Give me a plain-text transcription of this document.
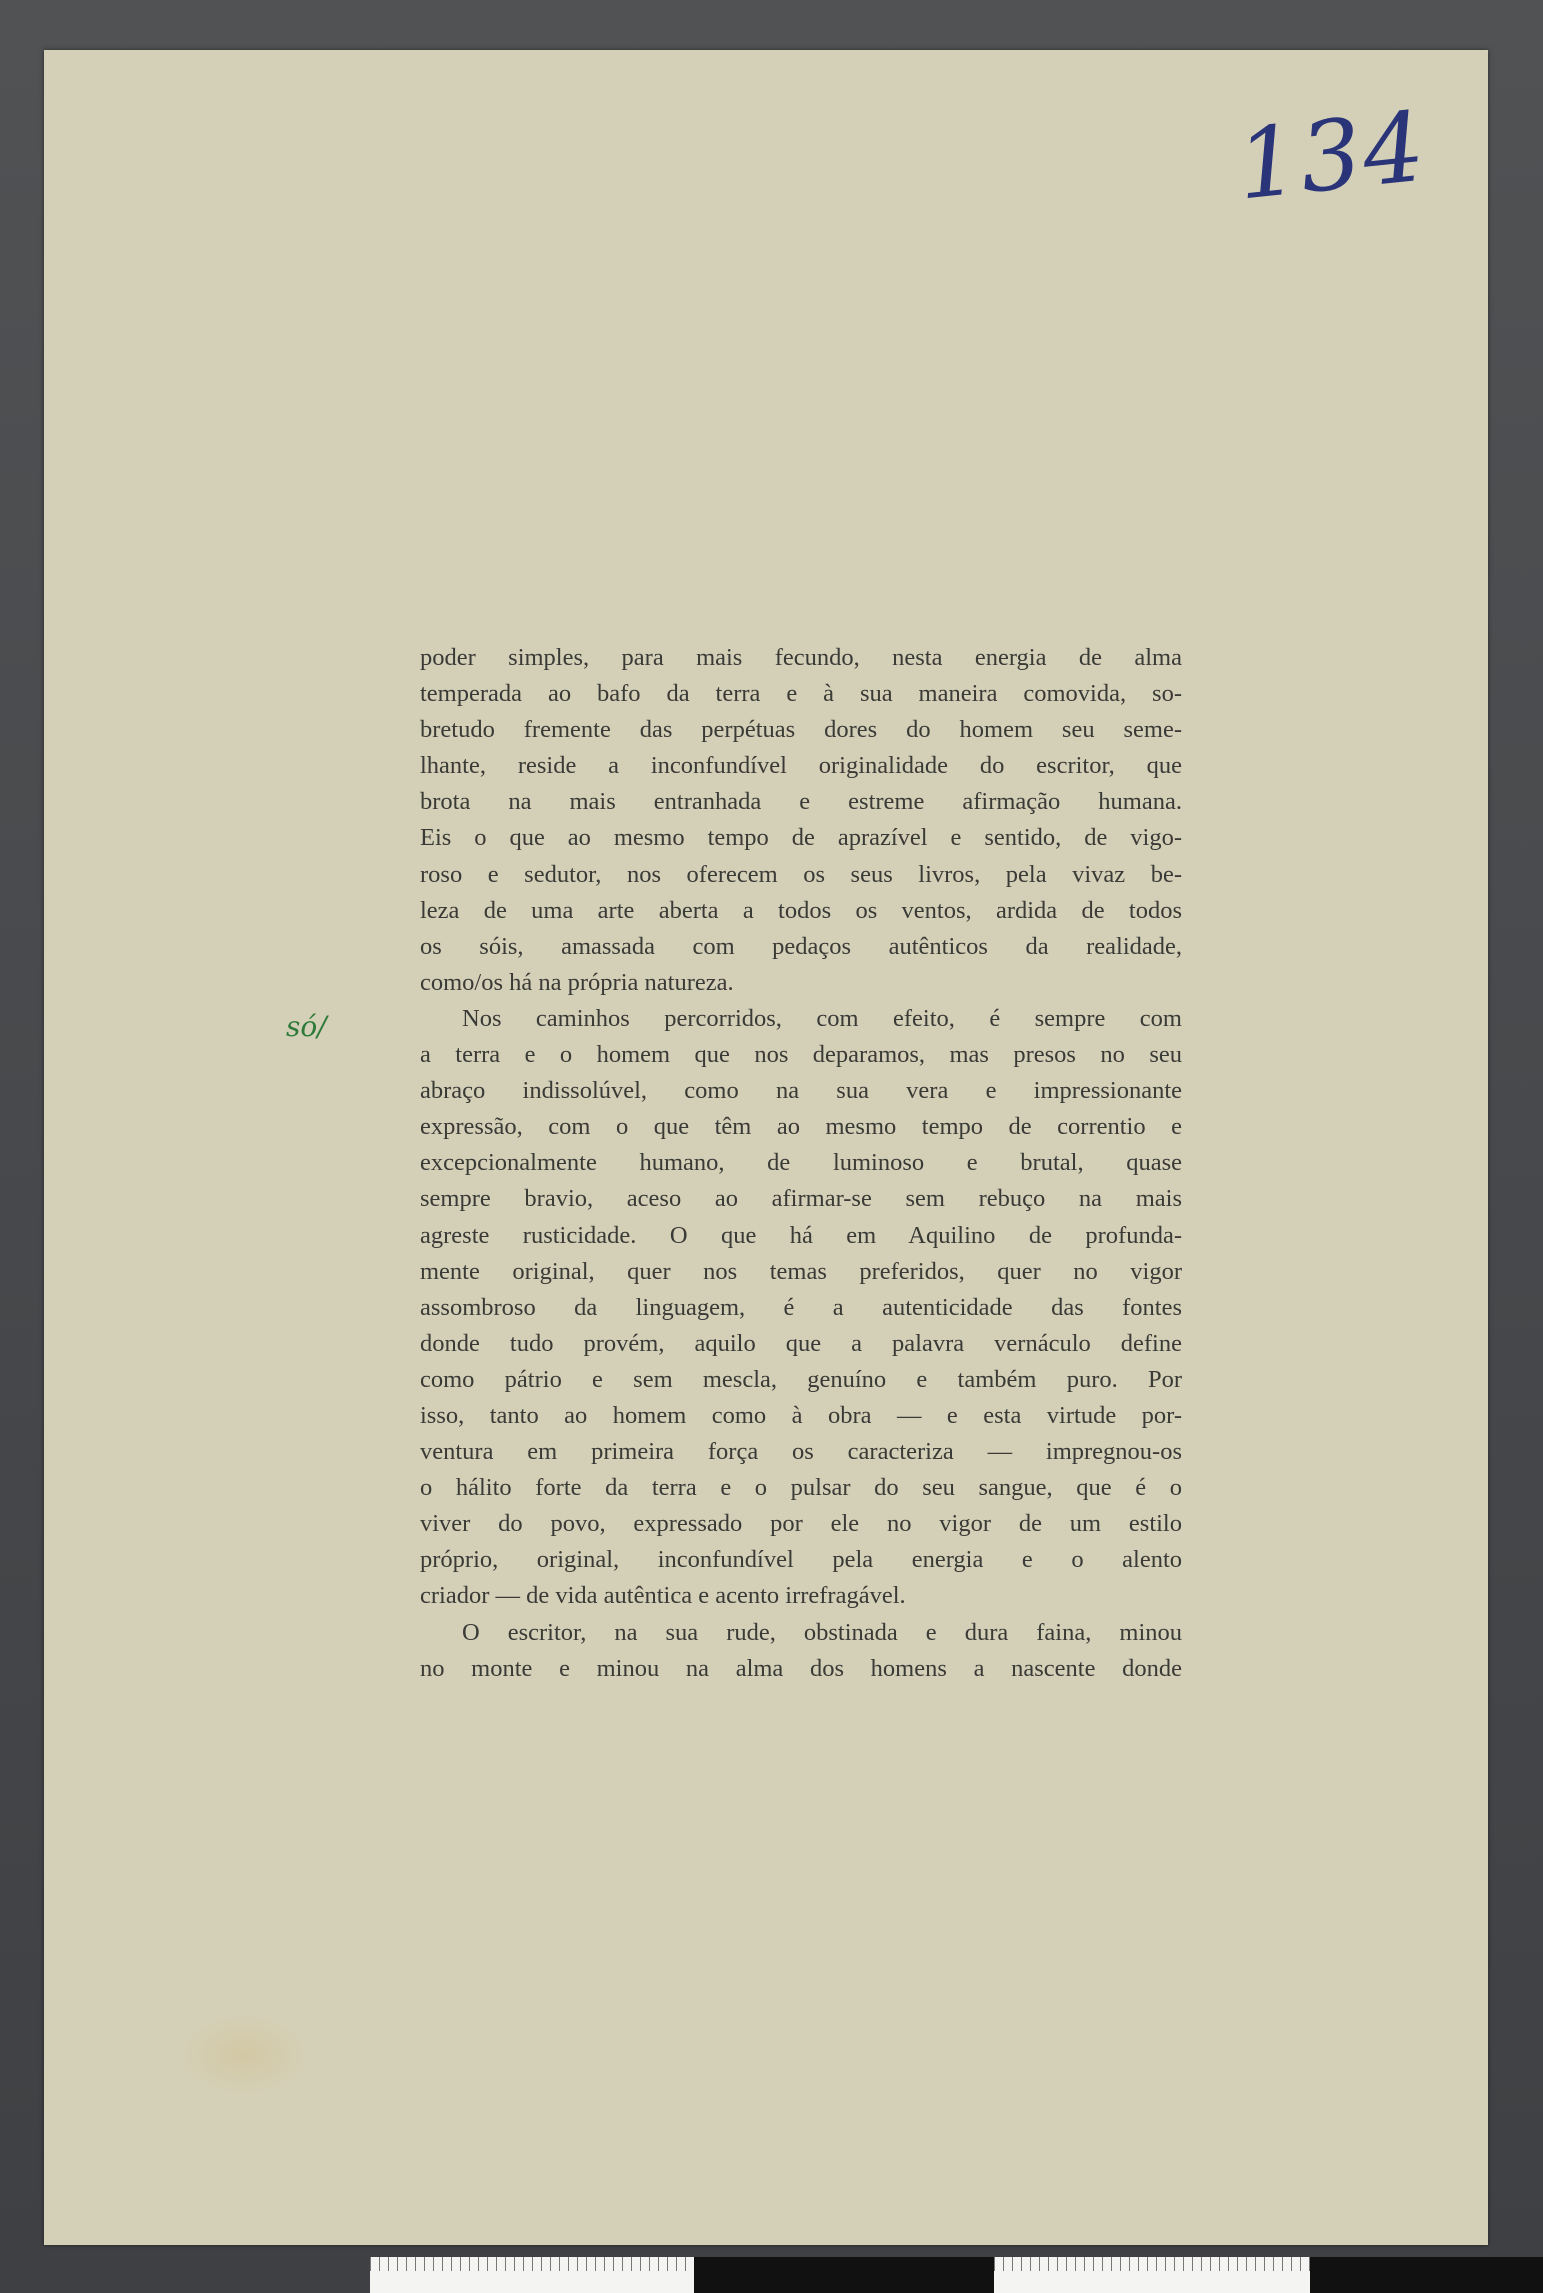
134

só/

poder simples, para mais fecundo, nesta energia de alma
temperada ao bafo da terra e à sua maneira comovida, so-
bretudo fremente das perpétuas dores do homem seu seme-
lhante, reside a inconfundível originalidade do escritor, que
brota na mais entranhada e estreme afirmação humana.
Eis o que ao mesmo tempo de aprazível e sentido, de vigo-
roso e sedutor, nos oferecem os seus livros, pela vivaz be-
leza de uma arte aberta a todos os ventos, ardida de todos
os sóis, amassada com pedaços autênticos da realidade,
como/os há na própria natureza.
Nos caminhos percorridos, com efeito, é sempre com
a terra e o homem que nos deparamos, mas presos no seu
abraço indissolúvel, como na sua vera e impressionante
expressão, com o que têm ao mesmo tempo de correntio e
excepcionalmente humano, de luminoso e brutal, quase
sempre bravio, aceso ao afirmar-se sem rebuço na mais
agreste rusticidade. O que há em Aquilino de profunda-
mente original, quer nos temas preferidos, quer no vigor
assombroso da linguagem, é a autenticidade das fontes
donde tudo provém, aquilo que a palavra vernáculo define
como pátrio e sem mescla, genuíno e também puro. Por
isso, tanto ao homem como à obra — e esta virtude por-
ventura em primeira força os caracteriza — impregnou-os
o hálito forte da terra e o pulsar do seu sangue, que é o
viver do povo, expressado por ele no vigor de um estilo
próprio, original, inconfundível pela energia e o alento
criador — de vida autêntica e acento irrefragável.
O escritor, na sua rude, obstinada e dura faina, minou
no monte e minou na alma dos homens a nascente donde
